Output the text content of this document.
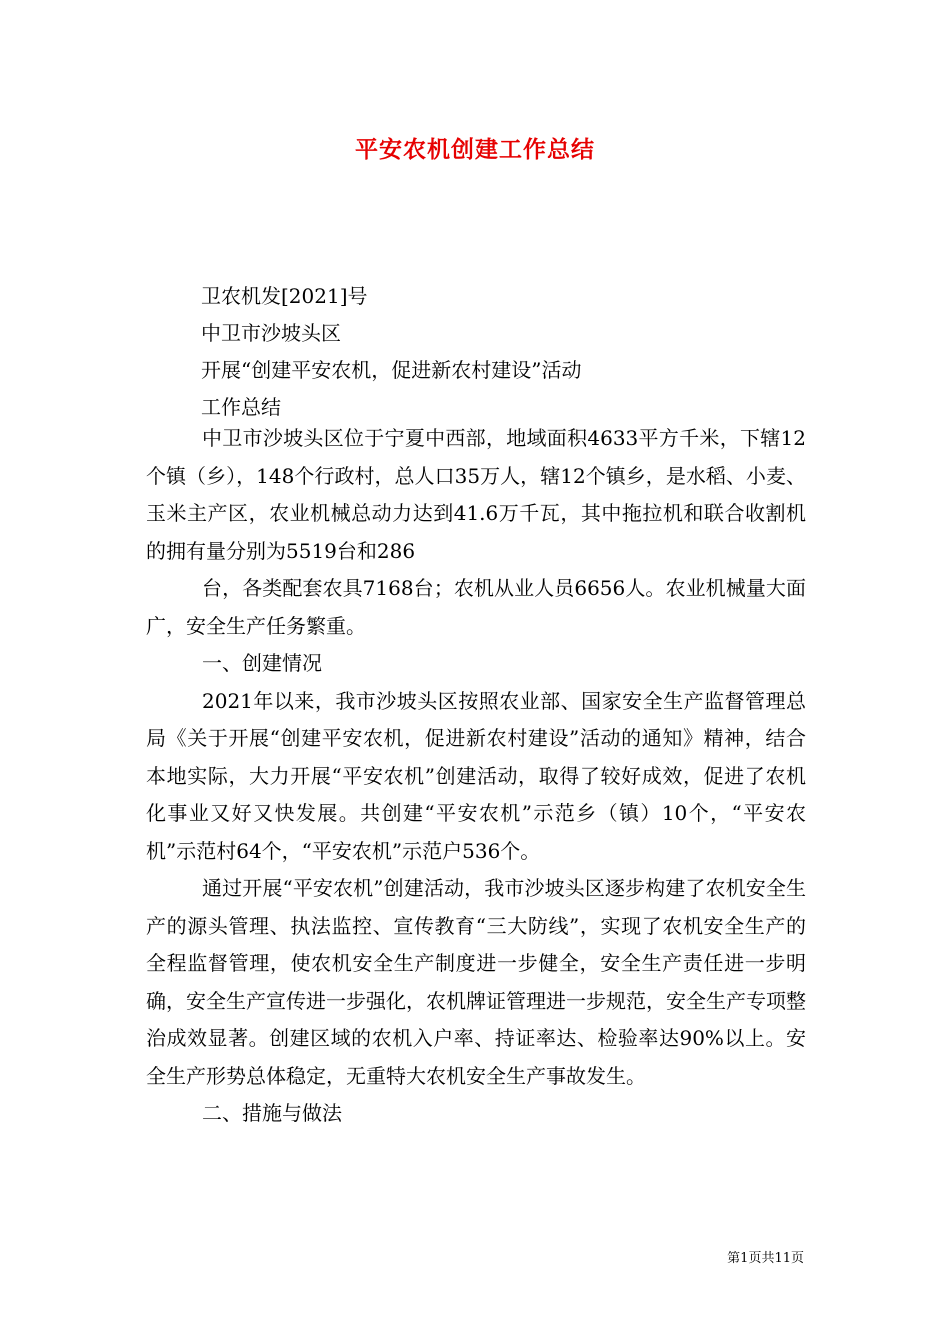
平安农机创建工作总结
卫农机发[2021]号
中卫市沙坡头区
开展“创建平安农机，促进新农村建设”活动
工作总结

中卫市沙坡头区位于宁夏中西部，地域面积4633平方千米，下辖12个镇（乡），148个行政村，总人口35万人，辖12个镇乡，是水稻、小麦、玉米主产区，农业机械总动力达到41.6万千瓦，其中拖拉机和联合收割机的拥有量分别为5519台和286

台，各类配套农具7168台；农机从业人员6656人。农业机械量大面广，安全生产任务繁重。

一、创建情况

2021年以来，我市沙坡头区按照农业部、国家安全生产监督管理总局《关于开展“创建平安农机，促进新农村建设”活动的通知》精神，结合本地实际，大力开展“平安农机”创建活动，取得了较好成效，促进了农机化事业又好又快发展。共创建“平安农机”示范乡（镇）10个，“平安农机”示范村64个，“平安农机”示范户536个。

通过开展“平安农机”创建活动，我市沙坡头区逐步构建了农机安全生产的源头管理、执法监控、宣传教育“三大防线”，实现了农机安全生产的全程监督管理，使农机安全生产制度进一步健全，安全生产责任进一步明确，安全生产宣传进一步强化，农机牌证管理进一步规范，安全生产专项整治成效显著。创建区域的农机入户率、持证率达、检验率达90%以上。安全生产形势总体稳定，无重特大农机安全生产事故发生。

二、措施与做法

第1页共11页
